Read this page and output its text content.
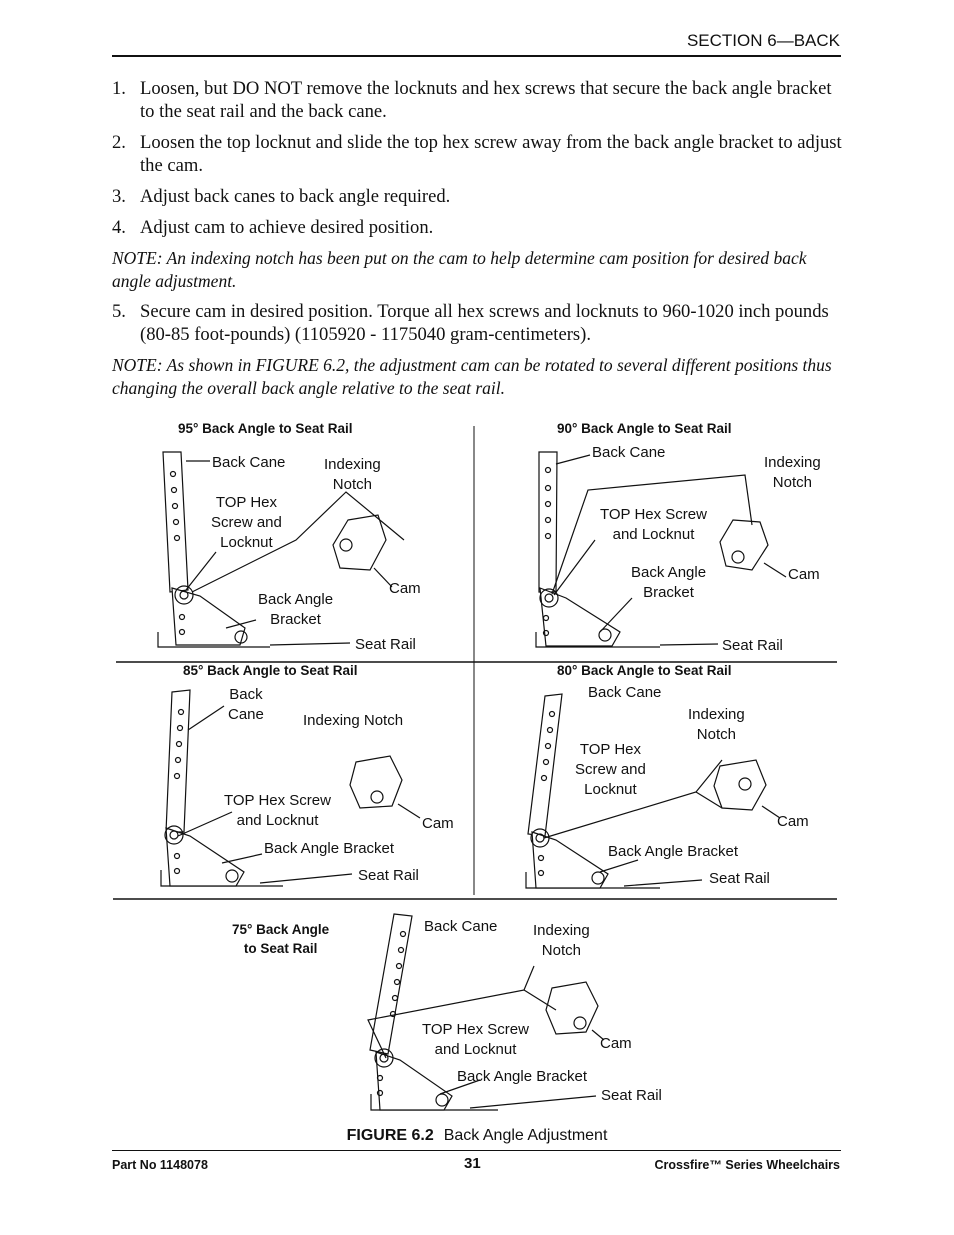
SECTION 6—BACK
1. Loosen, but DO NOT remove the locknuts and hex screws that secure the back angle bracket to the seat rail and the back cane.
2. Loosen the top locknut and slide the top hex screw away from the back angle bracket to adjust the cam.
3. Adjust back canes to back angle required.
4. Adjust cam to achieve desired position.
NOTE: An indexing notch has been put on the cam to help determine cam position for desired back angle adjustment.
5. Secure cam in desired position. Torque all hex screws and locknuts to 960-1020 inch pounds (80-85 foot-pounds) (1105920 - 1175040 gram-centimeters).
NOTE: As shown in FIGURE 6.2, the adjustment cam can be rotated to several different positions thus changing the overall back angle relative to the seat rail.
95° Back Angle to Seat Rail
Back Cane	Indexing
Notch
TOP Hex
Screw and
Locknut
Back Angle
Bracket
Cam
Seat Rail
90° Back Angle to Seat Rail
Back Cane
Indexing
Notch
TOP Hex Screw
and Locknut
Back Angle
Bracket
Cam
Seat Rail
85° Back Angle to Seat Rail
Back
Cane	Indexing Notch
TOP Hex Screw
and Locknut
Back Angle Bracket
Cam
Seat Rail
80° Back Angle to Seat Rail
Back Cane
Indexing
Notch
TOP Hex
Screw and
Locknut
Back Angle Bracket
Cam
Seat Rail
75° Back Angle
to Seat Rail
Back Cane Indexing
Notch
TOP Hex Screw
and Locknut
Back Angle Bracket
Cam
Seat Rail
FIGURE 6.2 Back Angle Adjustment
Part No 1148078	31	Crossfire™ Series Wheelchairs
